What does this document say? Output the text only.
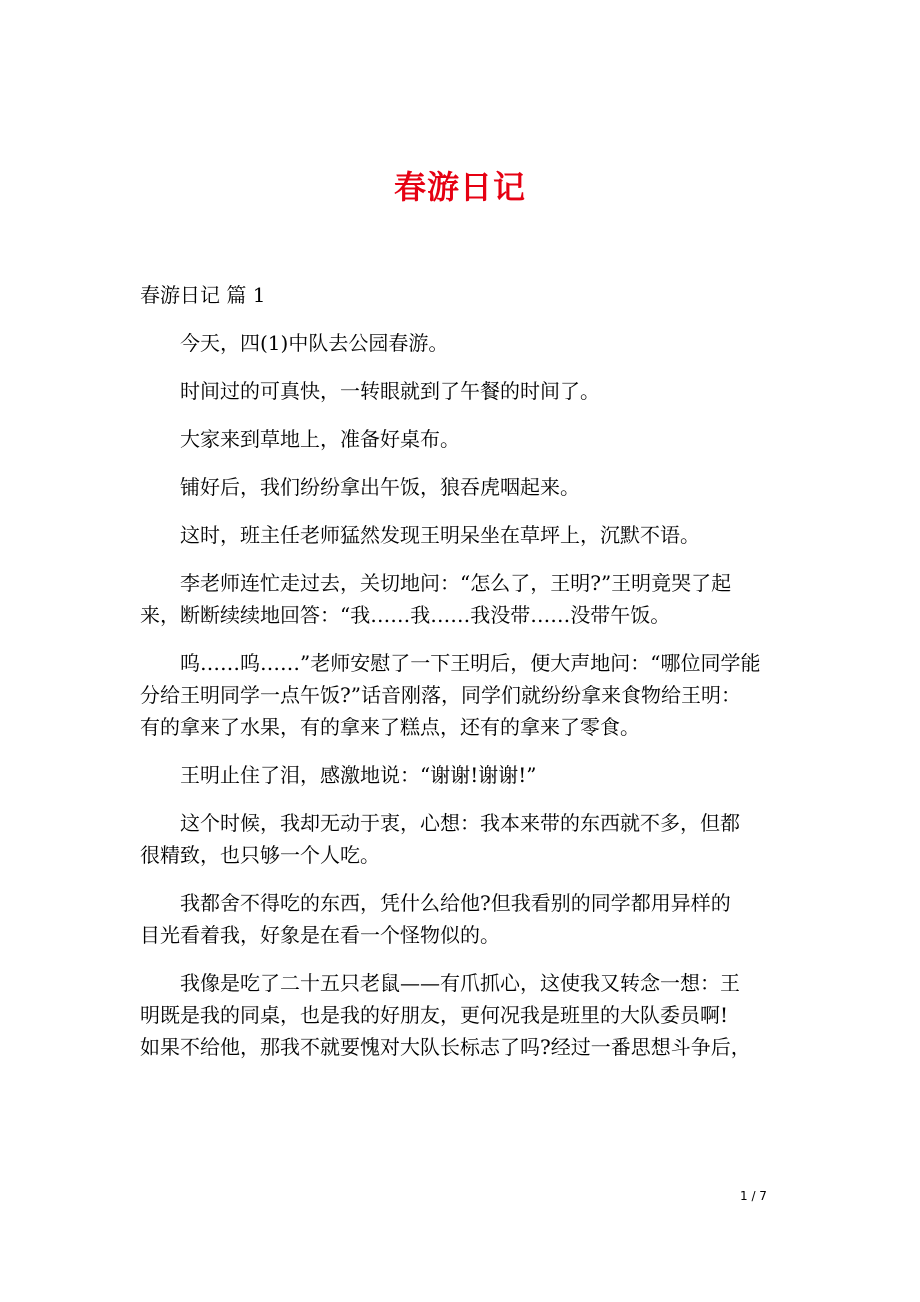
春游日记
春游日记 篇 1
今天，四(1)中队去公园春游。
时间过的可真快，一转眼就到了午餐的时间了。
大家来到草地上，准备好桌布。
铺好后，我们纷纷拿出午饭，狼吞虎咽起来。
这时，班主任老师猛然发现王明呆坐在草坪上，沉默不语。
李老师连忙走过去，关切地问：“怎么了，王明?”王明竟哭了起
来，断断续续地回答：“我……我……我没带……没带午饭。
呜……呜……”老师安慰了一下王明后，便大声地问：“哪位同学能
分给王明同学一点午饭?”话音刚落，同学们就纷纷拿来食物给王明：
有的拿来了水果，有的拿来了糕点，还有的拿来了零食。
王明止住了泪，感激地说：“谢谢!谢谢!”
这个时候，我却无动于衷，心想：我本来带的东西就不多，但都
很精致，也只够一个人吃。
我都舍不得吃的东西，凭什么给他?但我看别的同学都用异样的
目光看着我，好象是在看一个怪物似的。
我像是吃了二十五只老鼠——有爪抓心，这使我又转念一想：王
明既是我的同桌，也是我的好朋友，更何况我是班里的大队委员啊!
如果不给他，那我不就要愧对大队长标志了吗?经过一番思想斗争后，
1 / 7
